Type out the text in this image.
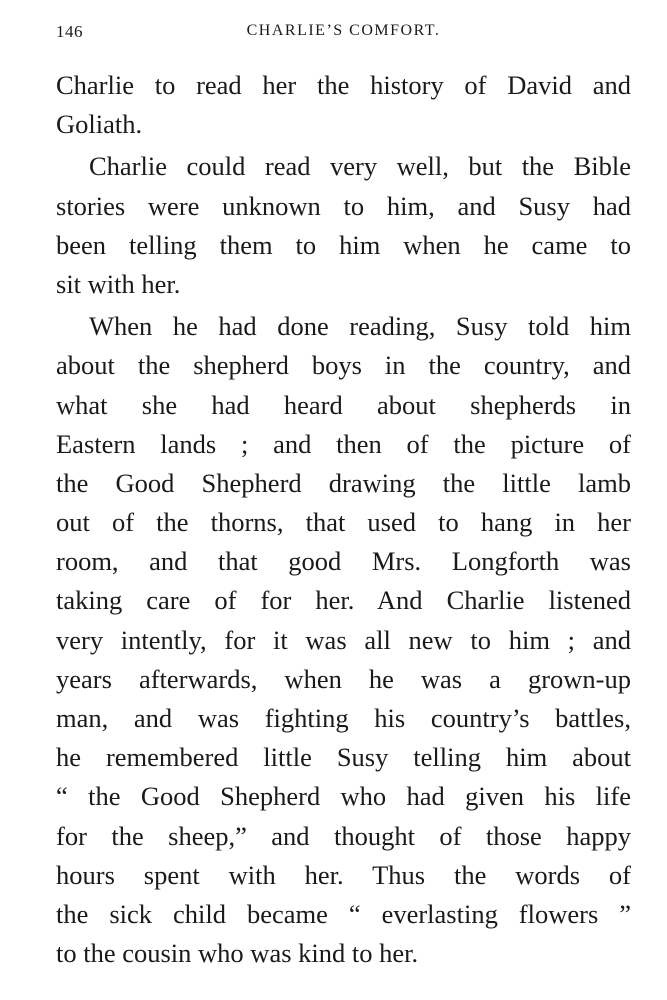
146	CHARLIE’S COMFORT.
Charlie to read her the history of David and
Goliath.
Charlie could read very well, but the Bible
stories were unknown to him, and Susy had
been telling them to him when he came to
sit with her.
When he had done reading, Susy told him
about the shepherd boys in the country, and
what she had heard about shepherds in
Eastern lands ; and then of the picture of
the Good Shepherd drawing the little lamb
out of the thorns, that used to hang in her
room, and that good Mrs. Longforth was
taking care of for her. And Charlie listened
very intently, for it was all new to him ; and
years afterwards, when he was a grown-up
man, and was fighting his country’s battles,
he remembered little Susy telling him about
“ the Good Shepherd who had given his life
for the sheep,” and thought of those happy
hours spent with her. Thus the words of
the sick child became “ everlasting flowers ”
to the cousin who was kind to her.
